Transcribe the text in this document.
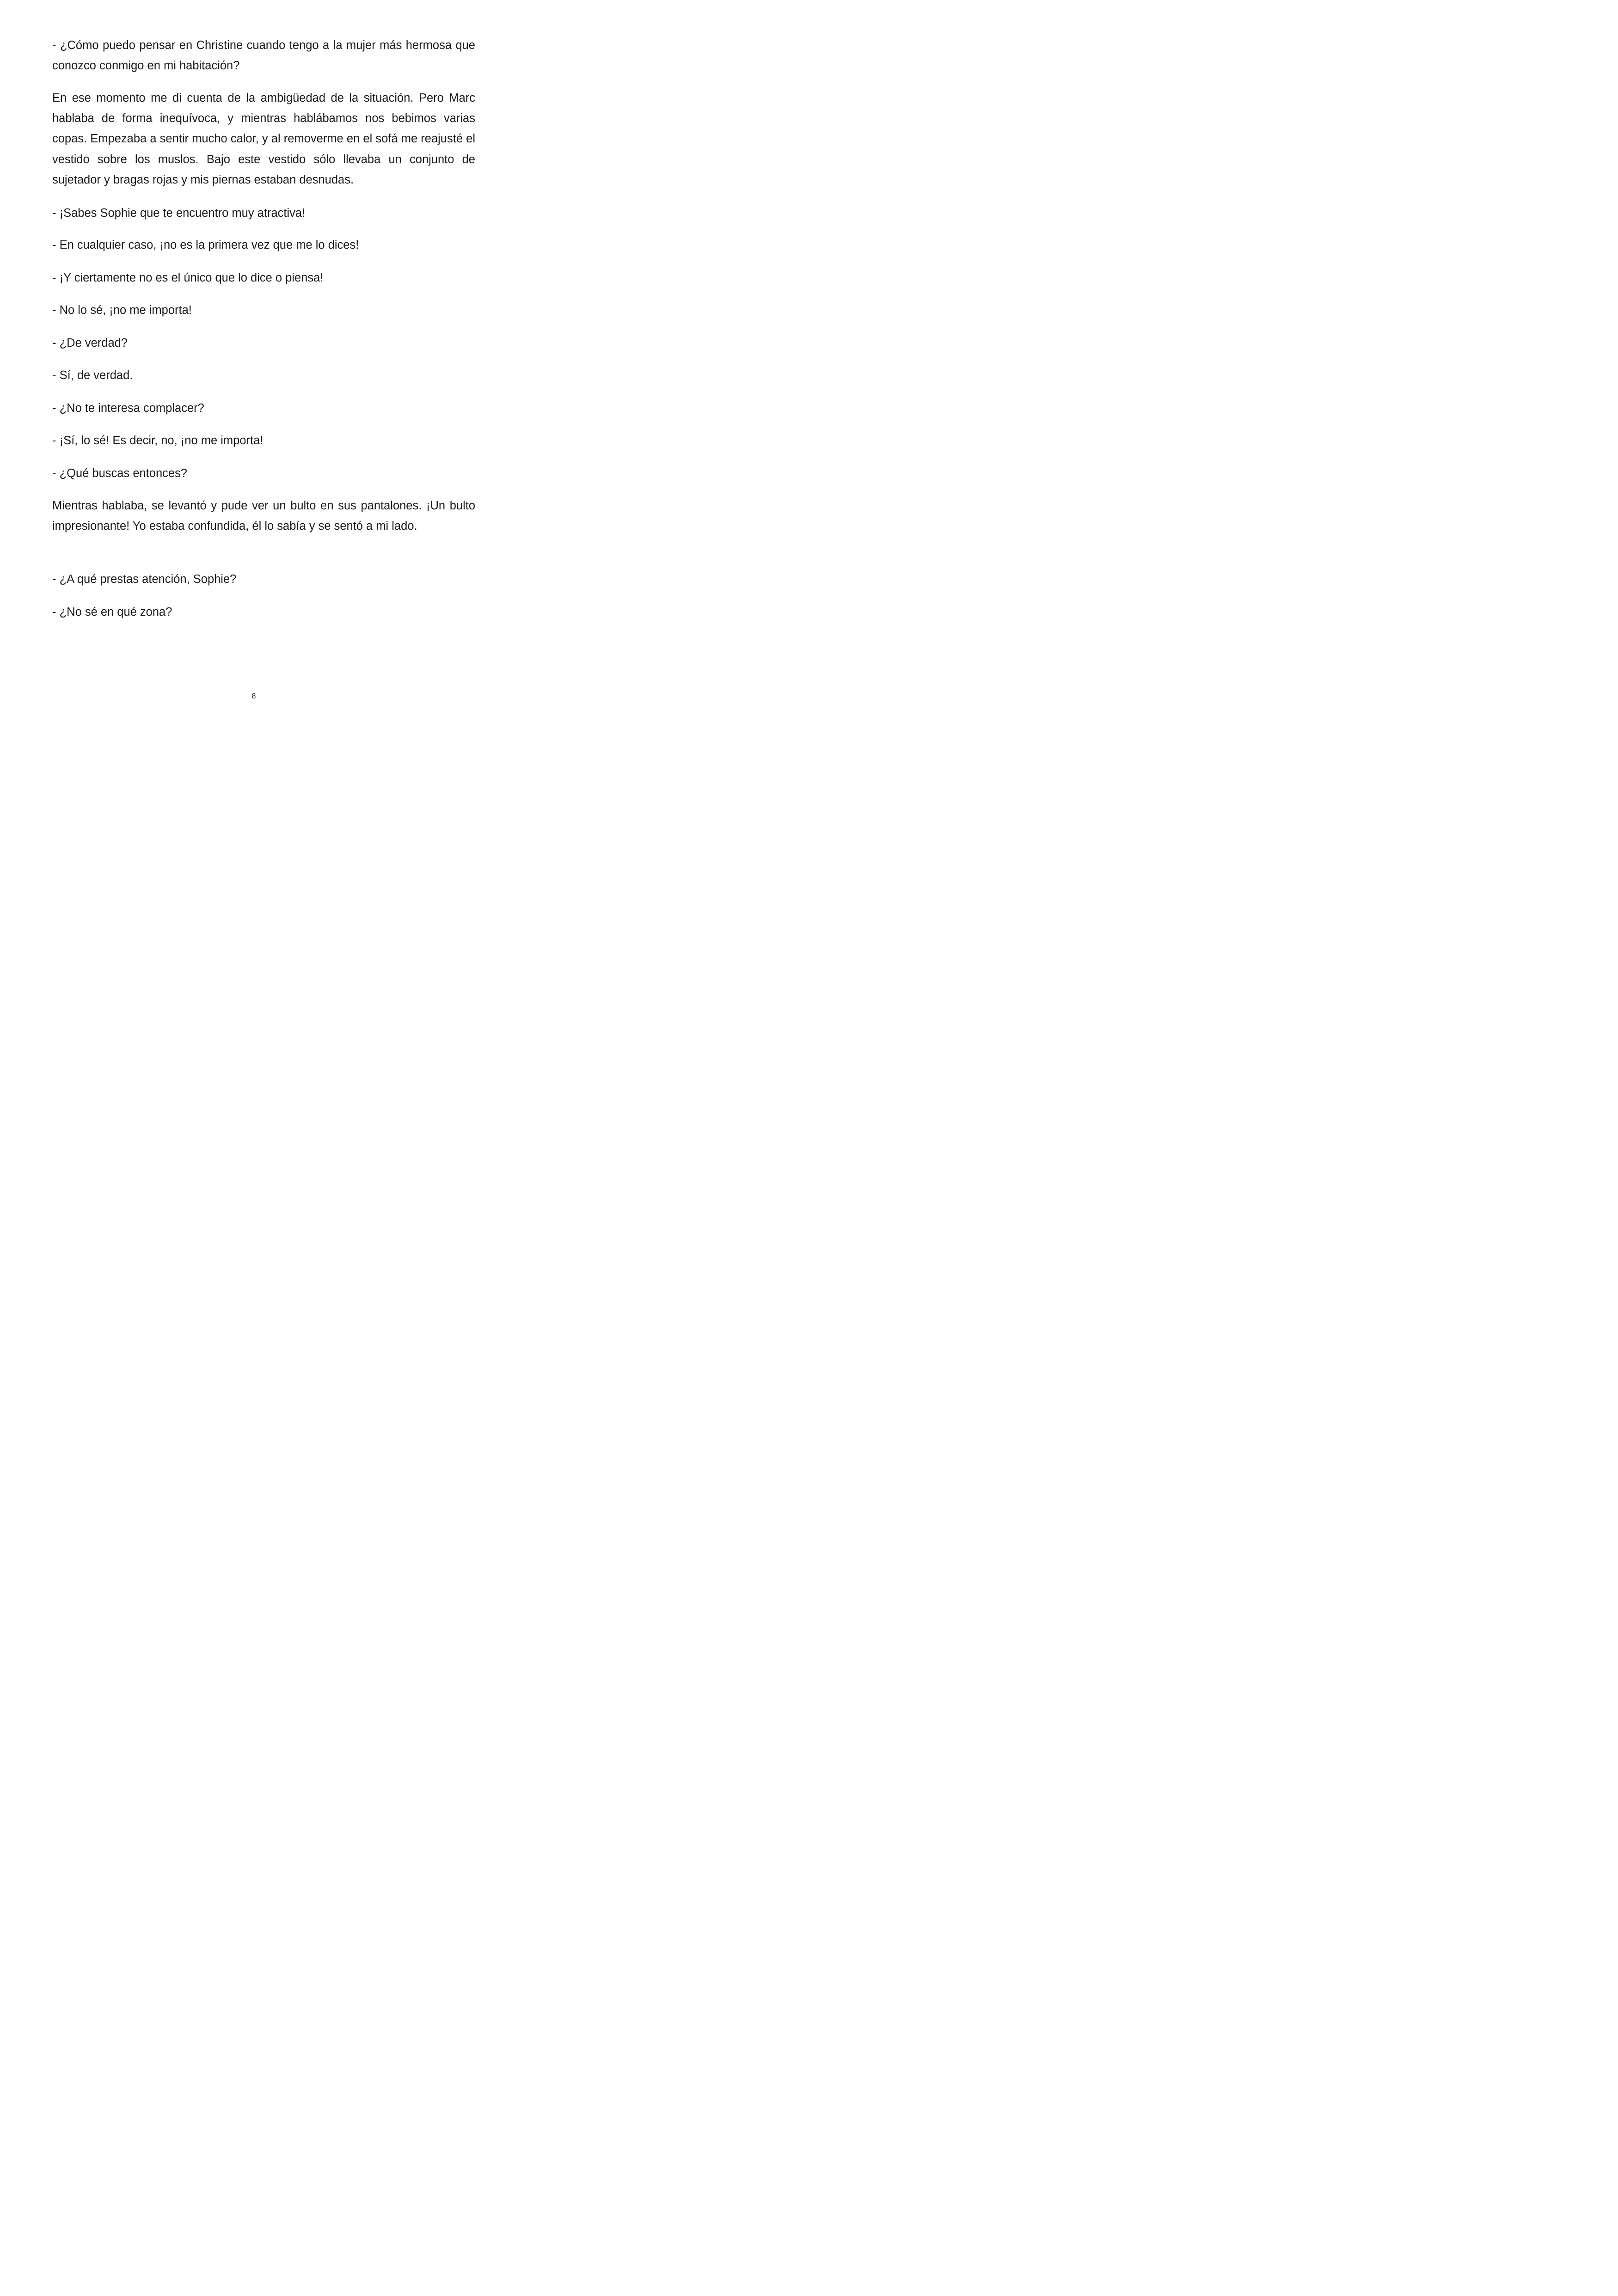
- ¿Cómo puedo pensar en Christine cuando tengo a la mujer más hermosa que conozco conmigo en mi habitación?

En ese momento me di cuenta de la ambigüedad de la situación. Pero Marc hablaba de forma inequívoca, y mientras hablábamos nos bebimos varias copas. Empezaba a sentir mucho calor, y al removerme en el sofá me reajusté el vestido sobre los muslos. Bajo este vestido sólo llevaba un conjunto de sujetador y bragas rojas y mis piernas estaban desnudas.

- ¡Sabes Sophie que te encuentro muy atractiva!

- En cualquier caso, ¡no es la primera vez que me lo dices!

- ¡Y ciertamente no es el único que lo dice o piensa!

- No lo sé, ¡no me importa!

- ¿De verdad?

- Sí, de verdad.

- ¿No te interesa complacer?

- ¡Sí, lo sé! Es decir, no, ¡no me importa!

- ¿Qué buscas entonces?

Mientras hablaba, se levantó y pude ver un bulto en sus pantalones. ¡Un bulto impresionante! Yo estaba confundida, él lo sabía y se sentó a mi lado.

- ¿A qué prestas atención, Sophie?

- ¿No sé en qué zona?

8
